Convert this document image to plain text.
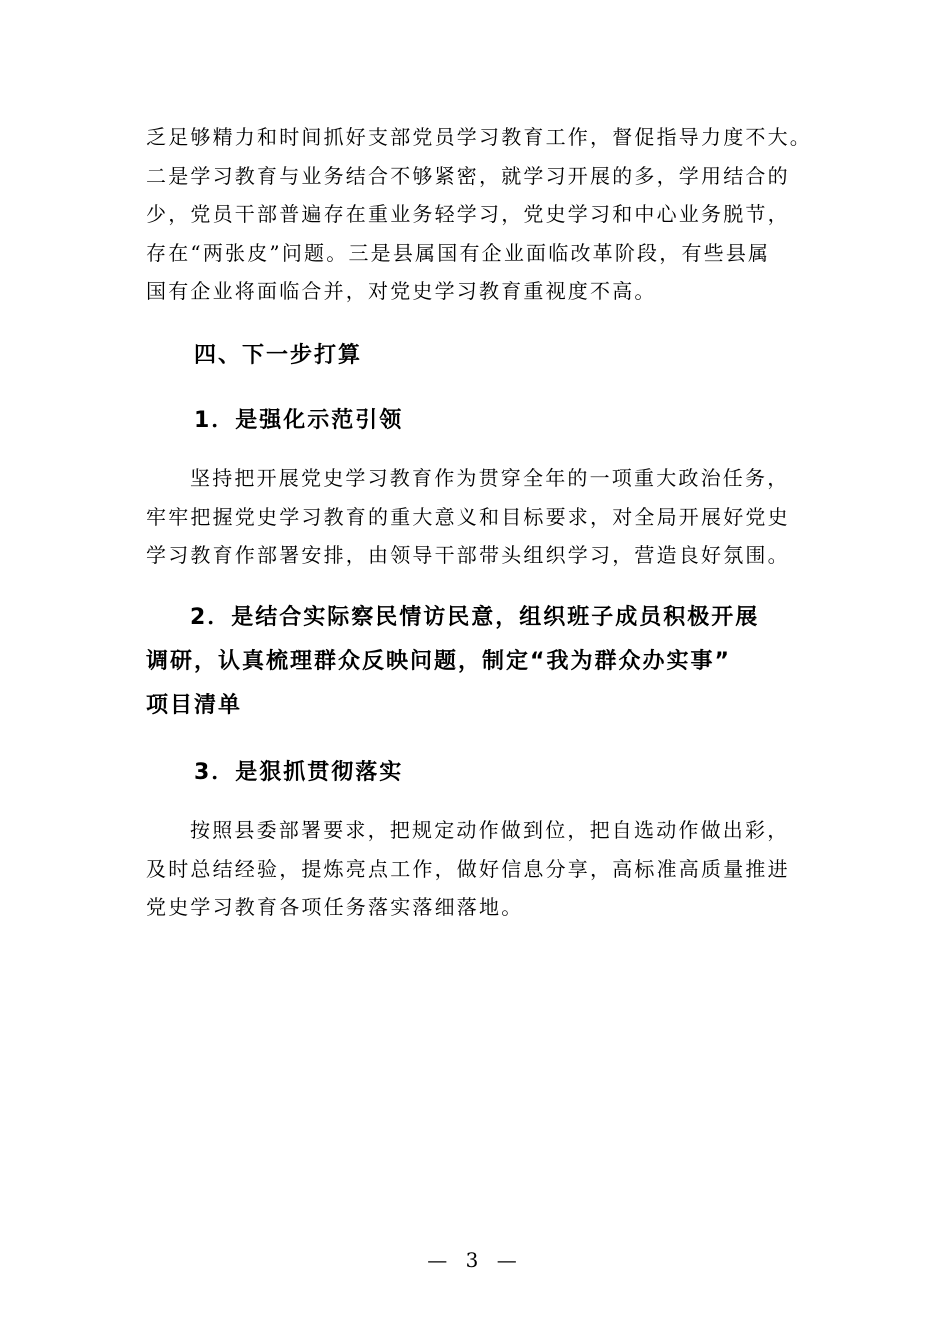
乏足够精力和时间抓好支部党员学习教育工作，督促指导力度不大。
二是学习教育与业务结合不够紧密，就学习开展的多，学用结合的
少，党员干部普遍存在重业务轻学习，党史学习和中心业务脱节，
存在“两张皮”问题。三是县属国有企业面临改革阶段，有些县属
国有企业将面临合并，对党史学习教育重视度不高。
四、下一步打算
1．是强化示范引领
坚持把开展党史学习教育作为贯穿全年的一项重大政治任务，
牢牢把握党史学习教育的重大意义和目标要求，对全局开展好党史
学习教育作部署安排，由领导干部带头组织学习，营造良好氛围。
2．是结合实际察民情访民意，组织班子成员积极开展
调研，认真梳理群众反映问题，制定“我为群众办实事”
项目清单
3．是狠抓贯彻落实
按照县委部署要求，把规定动作做到位，把自选动作做出彩，
及时总结经验，提炼亮点工作，做好信息分享，高标准高质量推进
党史学习教育各项任务落实落细落地。
— 3 —
